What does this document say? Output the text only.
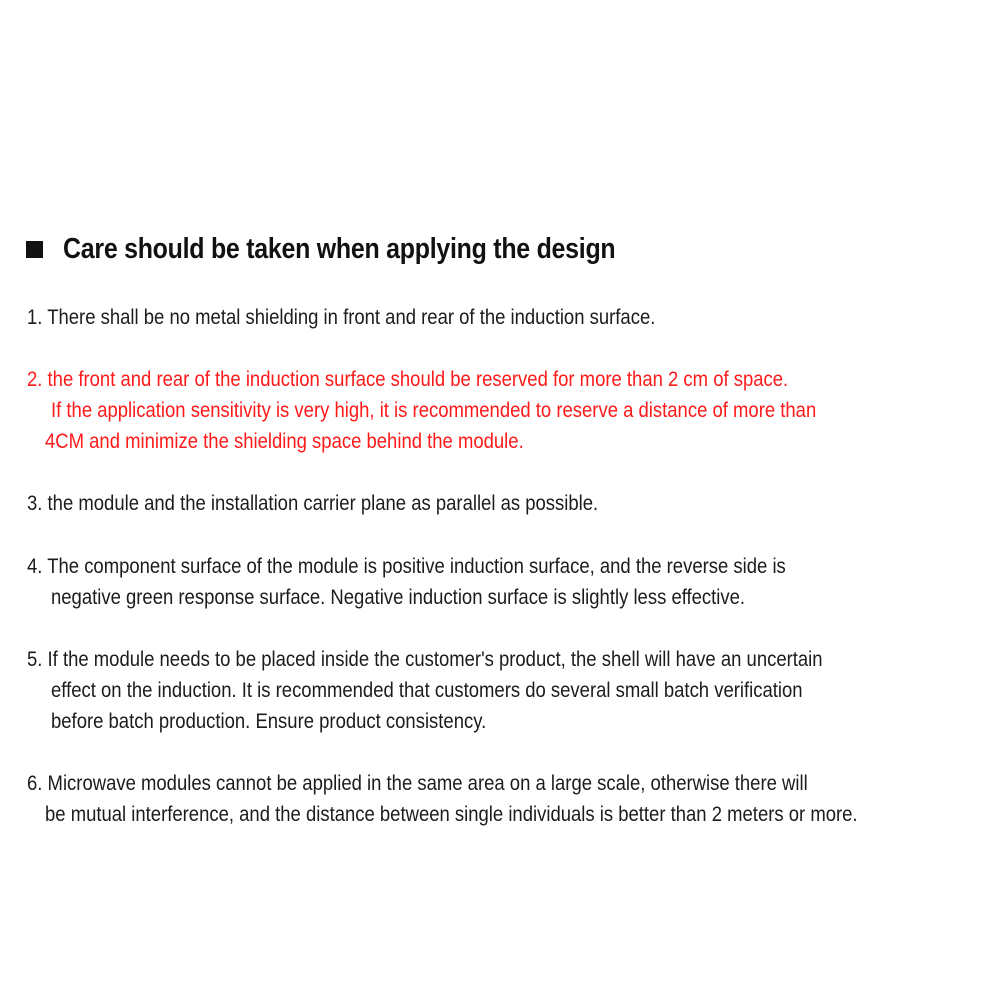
Care should be taken when applying the design
1. There shall be no metal shielding in front and rear of the induction surface.
2. the front and rear of the induction surface should be reserved for more than 2 cm of space.
If the application sensitivity is very high, it is recommended to reserve a distance of more than
4CM and minimize the shielding space behind the module.
3. the module and the installation carrier plane as parallel as possible.
4. The component surface of the module is positive induction surface, and the reverse side is
negative green response surface. Negative induction surface is slightly less effective.
5. If the module needs to be placed inside the customer's product, the shell will have an uncertain
effect on the induction. It is recommended that customers do several small batch verification
before batch production. Ensure product consistency.
6. Microwave modules cannot be applied in the same area on a large scale, otherwise there will
be mutual interference, and the distance between single individuals is better than 2 meters or more.
